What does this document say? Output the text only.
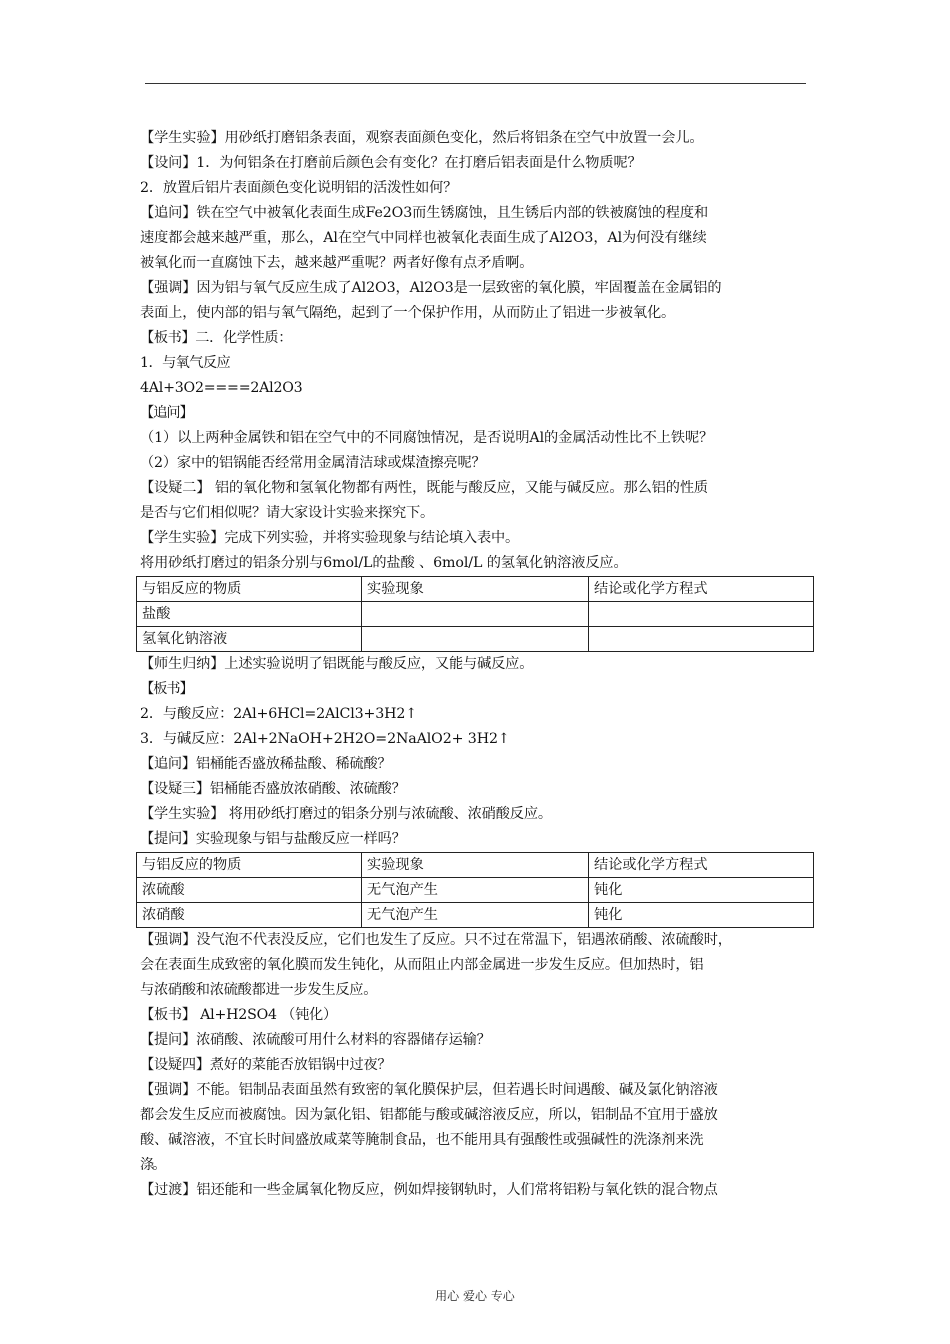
【学生实验】用砂纸打磨铝条表面，观察表面颜色变化，然后将铝条在空气中放置一会儿。

【设问】1．为何铝条在打磨前后颜色会有变化？在打磨后铝表面是什么物质呢？

2．放置后铝片表面颜色变化说明铝的活泼性如何？

【追问】铁在空气中被氧化表面生成Fe2O3而生锈腐蚀，且生锈后内部的铁被腐蚀的程度和

速度都会越来越严重，那么，Al在空气中同样也被氧化表面生成了Al2O3，Al为何没有继续

被氧化而一直腐蚀下去，越来越严重呢？两者好像有点矛盾啊。

【强调】因为铝与氧气反应生成了Al2O3，Al2O3是一层致密的氧化膜，牢固覆盖在金属铝的

表面上，使内部的铝与氧气隔绝，起到了一个保护作用，从而防止了铝进一步被氧化。

【板书】二．化学性质：

1．与氧气反应

4Al+3O2====2Al2O3

【追问】

（1）以上两种金属铁和铝在空气中的不同腐蚀情况，是否说明Al的金属活动性比不上铁呢？

（2）家中的铝锅能否经常用金属清洁球或煤渣擦亮呢？

【设疑二】 铝的氧化物和氢氧化物都有两性，既能与酸反应，又能与碱反应。那么铝的性质

是否与它们相似呢？请大家设计实验来探究下。

【学生实验】完成下列实验，并将实验现象与结论填入表中。

将用砂纸打磨过的铝条分别与6mol/L的盐酸 、6mol/L 的氢氧化钠溶液反应。

与铝反应的物质	实验现象	结论或化学方程式
盐酸		
氢氧化钠溶液		

【师生归纳】上述实验说明了铝既能与酸反应，又能与碱反应。

【板书】

2．与酸反应：2Al+6HCl=2AlCl3+3H2↑

3．与碱反应：2Al+2NaOH+2H2O=2NaAlO2+ 3H2↑

【追问】铝桶能否盛放稀盐酸、稀硫酸？

【设疑三】铝桶能否盛放浓硝酸、浓硫酸？

【学生实验】 将用砂纸打磨过的铝条分别与浓硫酸、浓硝酸反应。

【提问】实验现象与铝与盐酸反应一样吗？

与铝反应的物质	实验现象	结论或化学方程式
浓硫酸	无气泡产生	钝化
浓硝酸	无气泡产生	钝化

【强调】没气泡不代表没反应，它们也发生了反应。只不过在常温下，铝遇浓硝酸、浓硫酸时，

会在表面生成致密的氧化膜而发生钝化，从而阻止内部金属进一步发生反应。但加热时，铝

与浓硝酸和浓硫酸都进一步发生反应。

【板书】 Al+H2SO4 （钝化）

【提问】浓硝酸、浓硫酸可用什么材料的容器储存运输？

【设疑四】煮好的菜能否放铝锅中过夜？

【强调】不能。铝制品表面虽然有致密的氧化膜保护层，但若遇长时间遇酸、碱及氯化钠溶液

都会发生反应而被腐蚀。因为氯化铝、铝都能与酸或碱溶液反应，所以，铝制品不宜用于盛放

酸、碱溶液，不宜长时间盛放咸菜等腌制食品，也不能用具有强酸性或强碱性的洗涤剂来洗

涤。

【过渡】铝还能和一些金属氧化物反应，例如焊接钢轨时，人们常将铝粉与氧化铁的混合物点

用心 爱心 专心
